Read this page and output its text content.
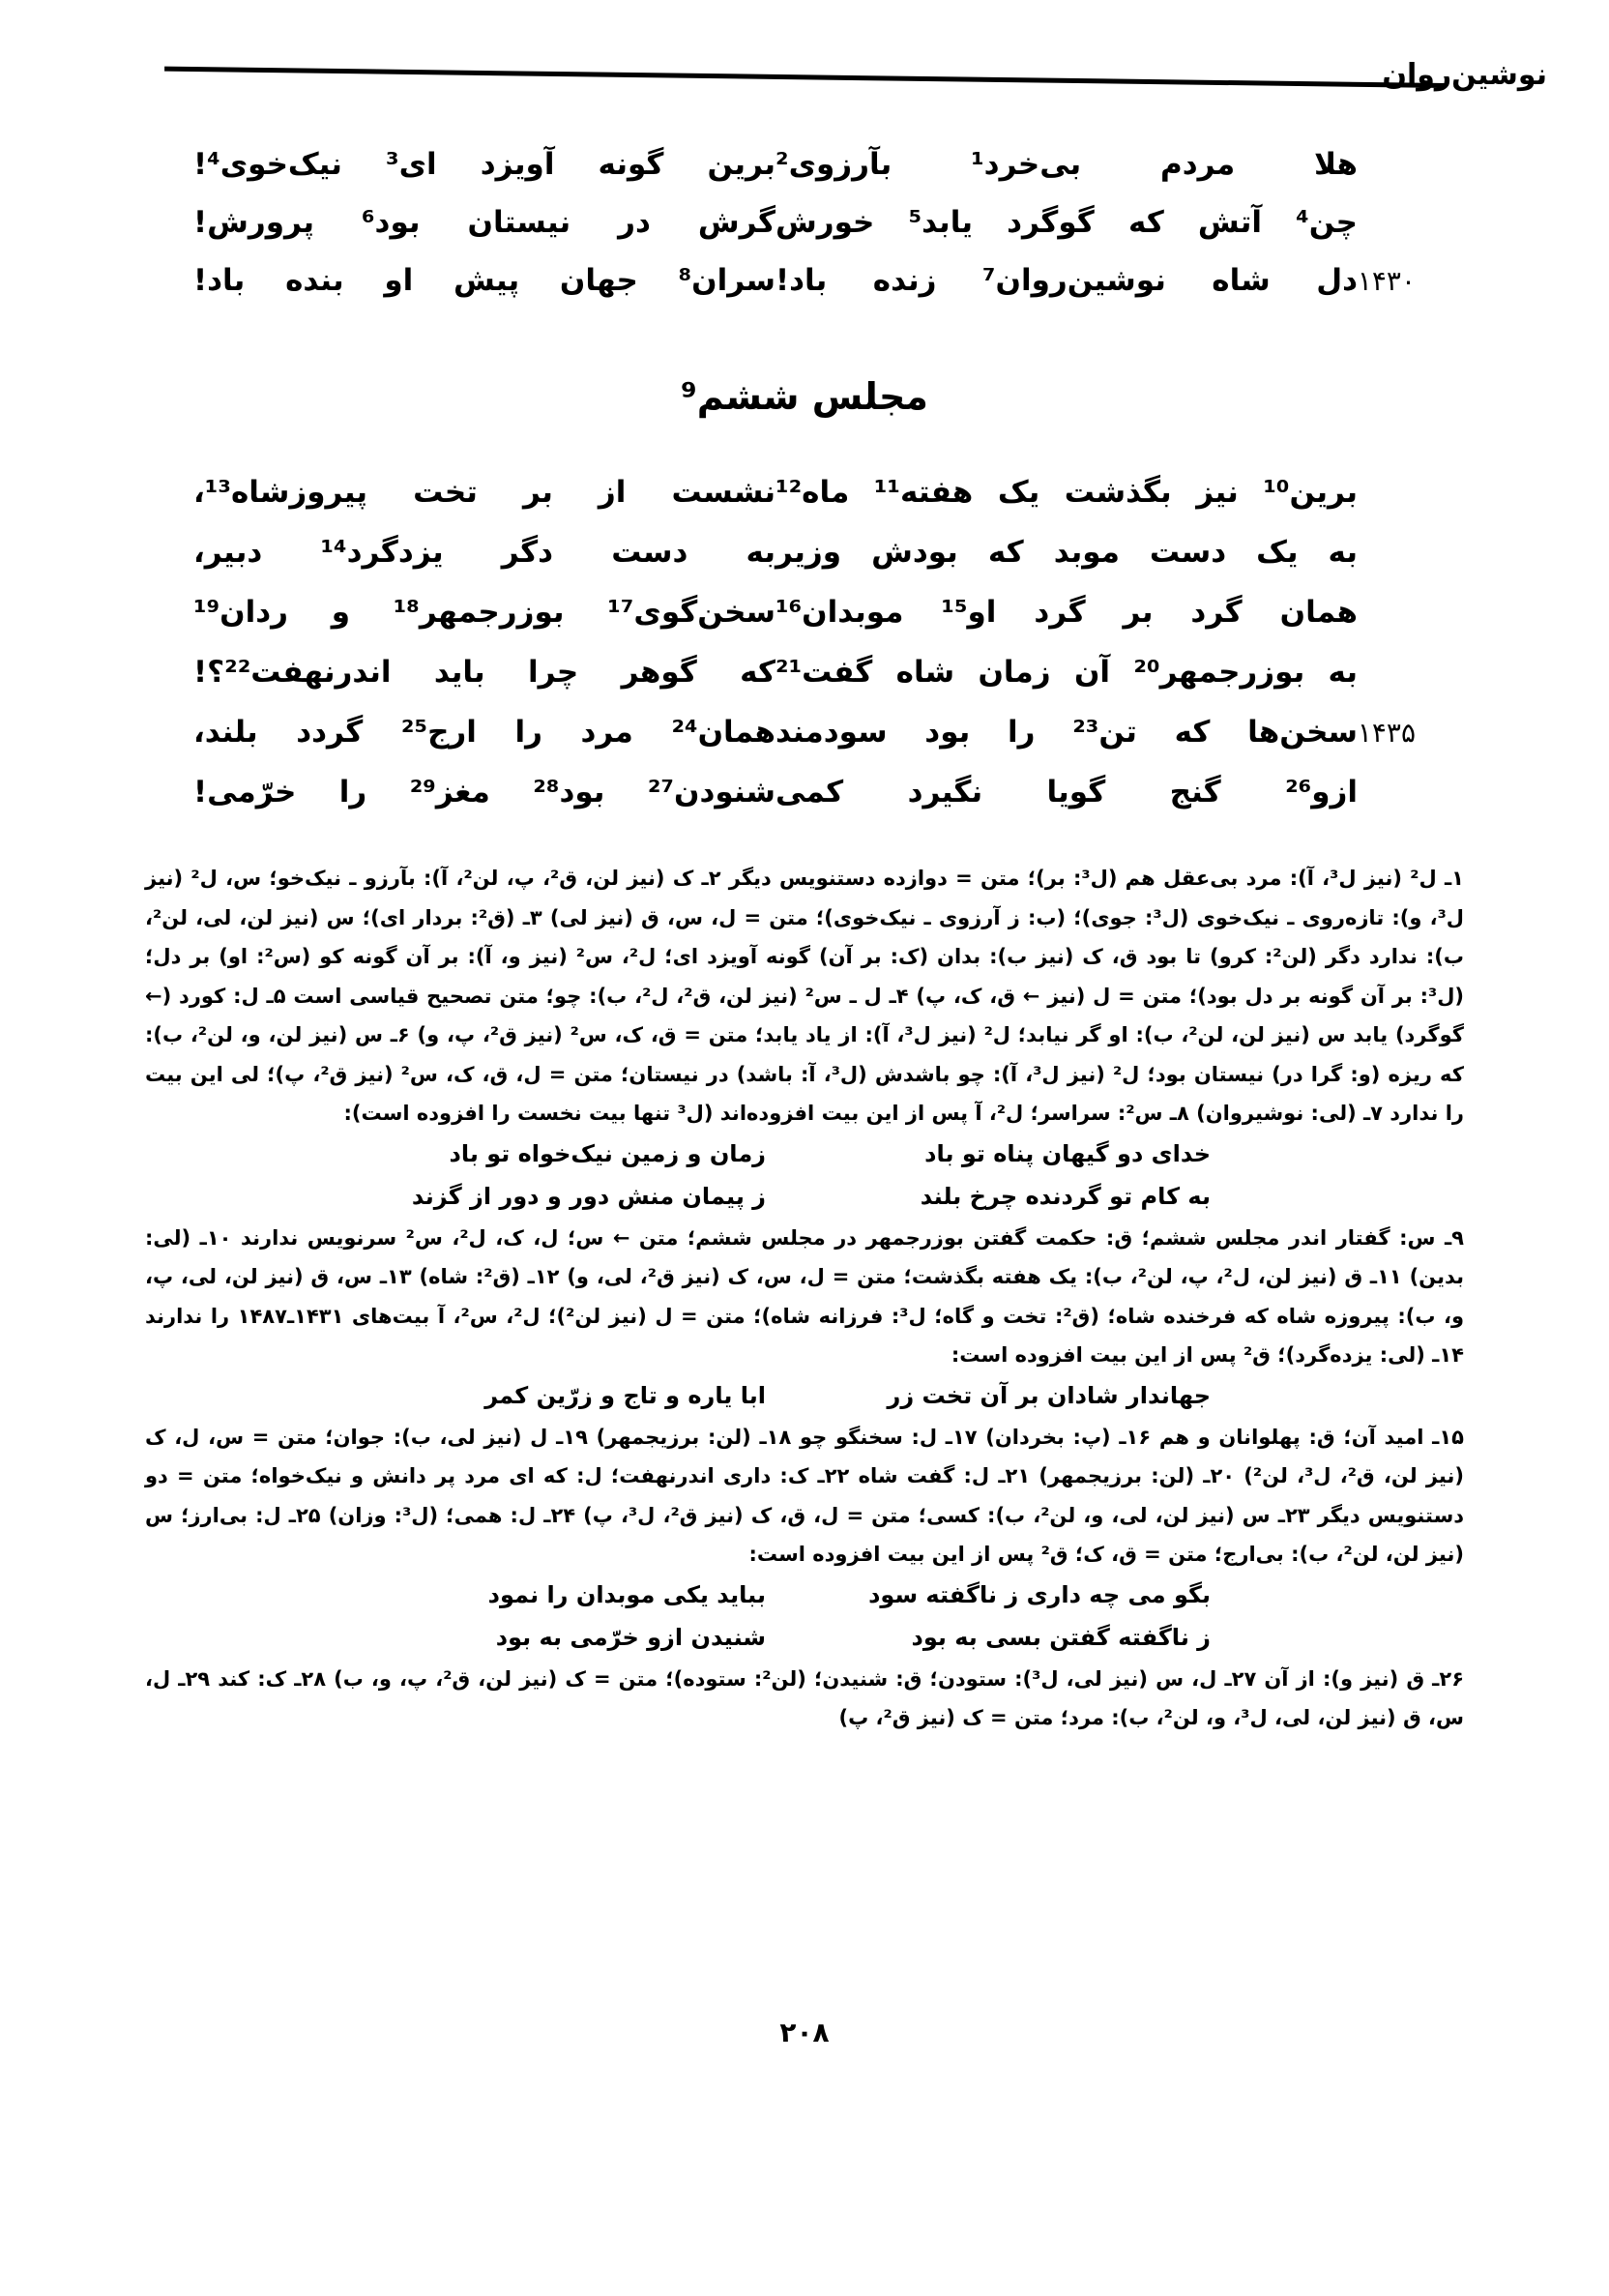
نوشین‌روان
هلا مردم بی‌خرد¹ بآرزوی²
برین گونه آویزد ای³ نیک‌خوی⁴!
چن⁴ آتش که گوگرد یابد⁵ خورش
گرش در نیستان بود⁶ پرورش!
۱۴۳۰
دل شاه نوشین‌روان⁷ زنده باد!
سران⁸ جهان پیش او بنده باد!
مجلس ششم⁹
برین¹⁰ نیز بگذشت یک هفته¹¹ ماه¹²
نشست از بر تخت پیروزشاه¹³،
به یک دست موبد که بودش وزیر
به دست دگر یزدگرد¹⁴ دبیر،
همان گرد بر گرد او¹⁵ موبدان¹⁶
سخن‌گوی¹⁷ بوزرجمهر¹⁸ و ردان¹⁹
به بوزرجمهر²⁰ آن زمان شاه گفت²¹
که گوهر چرا باید اندرنهفت²²؟!
۱۴۳۵
سخن‌ها که تن²³ را بود سودمند
همان²⁴ مرد را ارج²⁵ گردد بلند،
ازو²⁶ گنج گویا نگیرد کمی
شنودن²⁷ بود²⁸ مغز²⁹ را خرّمی!

۱ـ ل² (نیز ل³، آ): مرد بی‌عقل هم (ل³: بر)؛ متن = دوازده دستنویس دیگر ۲ـ ک (نیز لن، ق²، پ، لن²، آ): بآرزو ـ نیک‌خو؛ س، ل² (نیز ل³، و): تازه‌روی ـ نیک‌خوی (ل³: جوی)؛ (ب: ز آرزوی ـ نیک‌خوی)؛ متن = ل، س، ق (نیز لی) ۳ـ (ق²: بردار ای)؛ س (نیز لن، لی، لن²، ب): ندارد دگر (لن²: کرو) تا بود ق، ک (نیز ب): بدان (ک: بر آن) گونه آویزد ای؛ ل²، س² (نیز و، آ): بر آن گونه کو (س²: او) بر دل؛ (ل³: بر آن گونه بر دل بود)؛ متن = ل (نیز ← ق، ک، پ) ۴ـ ل ـ س² (نیز لن، ق²، ل²، ب): چو؛ متن تصحیح قیاسی است ۵ـ ل: کورد (← گوگرد) یابد س (نیز لن، لن²، ب): او گر نیابد؛ ل² (نیز ل³، آ): از یاد یابد؛ متن = ق، ک، س² (نیز ق²، پ، و) ۶ـ س (نیز لن، و، لن²، ب): که ریزه (و: گرا در) نیستان بود؛ ل² (نیز ل³، آ): چو باشدش (ل³، آ: باشد) در نیستان؛ متن = ل، ق، ک، س² (نیز ق²، پ)؛ لی این بیت را ندارد ۷ـ (لی: نوشیروان) ۸ـ س²: سراسر؛ ل²، آ پس از این بیت افزوده‌اند (ل³ تنها بیت نخست را افزوده است):

خدای دو گیهان پناه تو باد
زمان و زمین نیک‌خواه تو باد
به کام تو گردنده چرخ بلند
ز پیمان منش دور و دور از گزند

۹ـ س: گفتار اندر مجلس ششم؛ ق: حکمت گفتن بوزرجمهر در مجلس ششم؛ متن ← س؛ ل، ک، ل²، س² سرنویس ندارند ۱۰ـ (لی: بدین) ۱۱ـ ق (نیز لن، ل²، پ، لن²، ب): یک هفته بگذشت؛ متن = ل، س، ک (نیز ق²، لی، و) ۱۲ـ (ق²: شاه) ۱۳ـ س، ق (نیز لن، لی، پ، و، ب): پیروزه شاه که فرخنده شاه؛ (ق²: تخت و گاه؛ ل³: فرزانه شاه)؛ متن = ل (نیز لن²)؛ ل²، س²، آ بیت‌های ۱۴۳۱ـ۱۴۸۷ را ندارند ۱۴ـ (لی: یزده‌گرد)؛ ق² پس از این بیت افزوده است:

جهاندار شادان بر آن تخت زر
ابا یاره و تاج و زرّین کمر

۱۵ـ امید آن؛ ق: پهلوانان و هم ۱۶ـ (پ: بخردان) ۱۷ـ ل: سخنگو چو ۱۸ـ (لن: برزیجمهر) ۱۹ـ ل (نیز لی، ب): جوان؛ متن = س، ل، ک (نیز لن، ق²، ل³، لن²) ۲۰ـ (لن: برزیجمهر) ۲۱ـ ل: گفت شاه ۲۲ـ ک: داری اندرنهفت؛ ل: که ای مرد پر دانش و نیک‌خواه؛ متن = دو دستنویس دیگر ۲۳ـ س (نیز لن، لی، و، لن²، ب): کسی؛ متن = ل، ق، ک (نیز ق²، ل³، پ) ۲۴ـ ل: همی؛ (ل³: وزان) ۲۵ـ ل: بی‌ارز؛ س (نیز لن، لن²، ب): بی‌ارج؛ متن = ق، ک؛ ق² پس از این بیت افزوده است:

بگو می چه داری ز ناگفته سود
بباید یکی موبدان را نمود
ز ناگفته گفتن بسی به بود
شنیدن ازو خرّمی به بود

۲۶ـ ق (نیز و): از آن ۲۷ـ ل، س (نیز لی، ل³): ستودن؛ ق: شنیدن؛ (لن²: ستوده)؛ متن = ک (نیز لن، ق²، پ، و، ب) ۲۸ـ ک: کند ۲۹ـ ل، س، ق (نیز لن، لی، ل³، و، لن²، ب): مرد؛ متن = ک (نیز ق²، پ)

۲۰۸
